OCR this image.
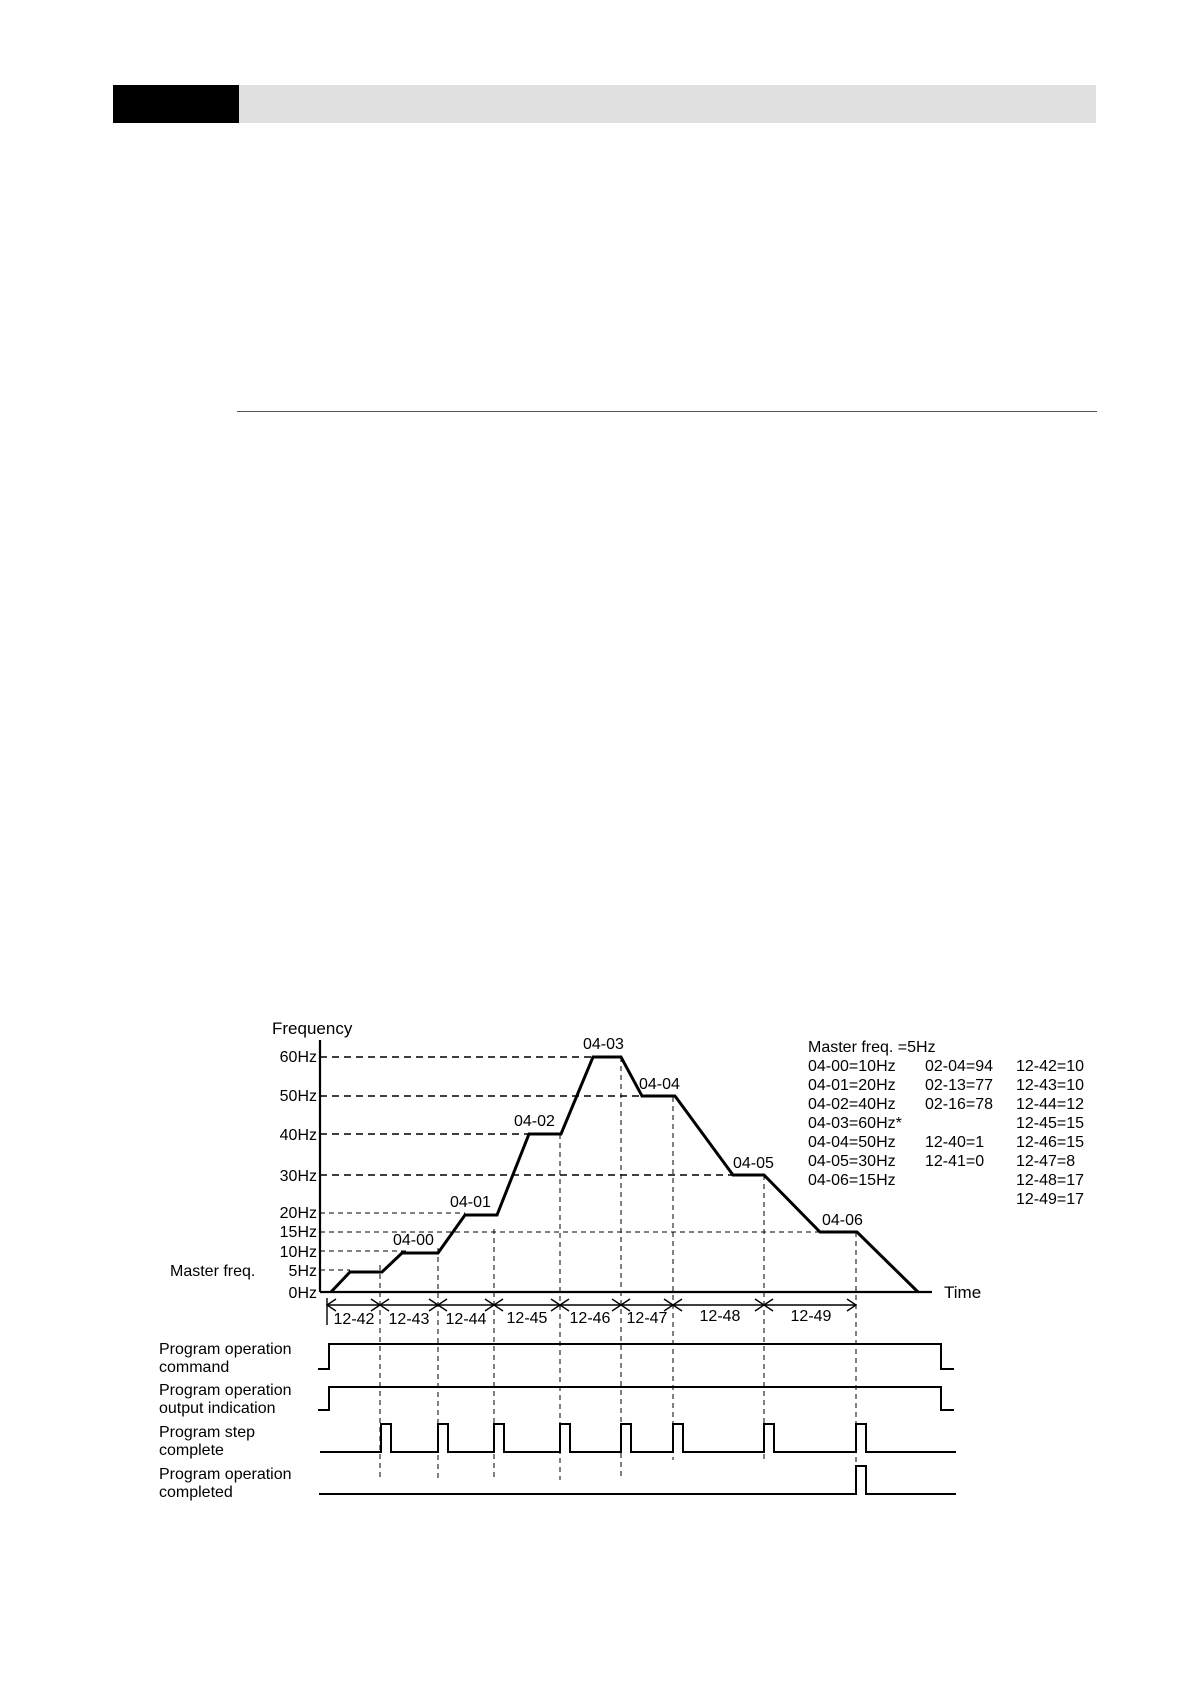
60Hz
50Hz
40Hz
30Hz
20Hz
15Hz
10Hz
5Hz
0Hz
Frequency
Time
Master freq.
04-00
04-01
04-02
04-03
04-04
04-05
04-06
12-42 12-43 12-44 12-45 12-46 12-47 12-48	12-49
Master freq. =5Hz
04-00=10Hz
04-01=20Hz
04-02=40Hz
04-03=60Hz*
04-04=50Hz
04-05=30Hz
04-06=15Hz
02-04=94
02-13=77
02-16=78
12-40=1
12-41=0
12-42=10
12-43=10
12-44=12
12-45=15
12-46=15
12-47=8
12-48=17
12-49=17
Program operation
command
Program operation
output indication
Program step
complete
Program operation
completed
